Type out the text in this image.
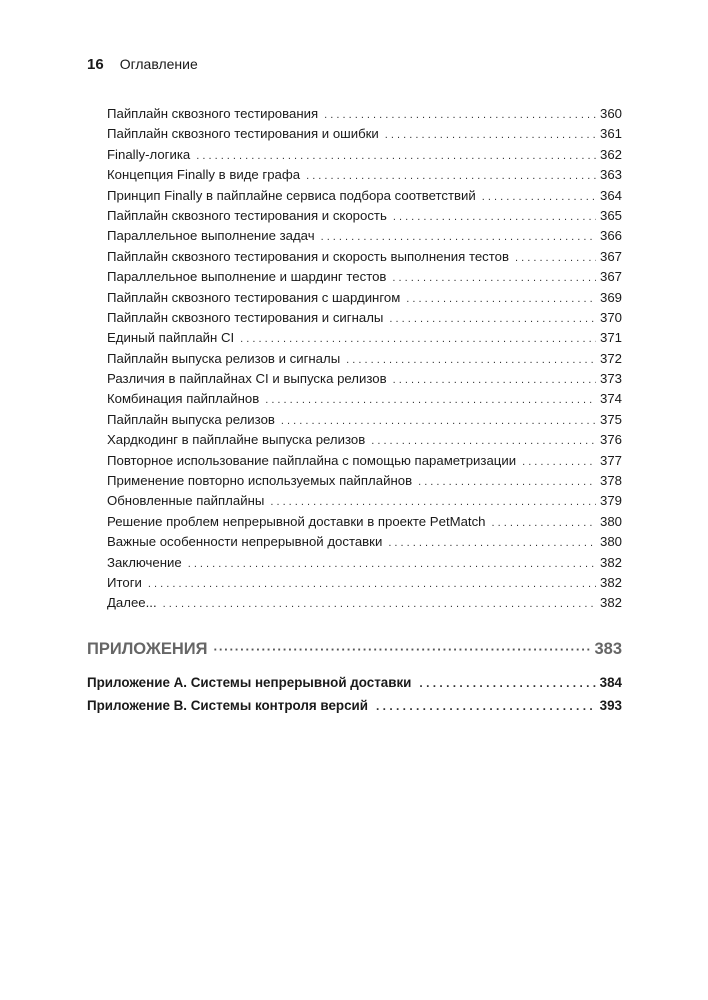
16 Оглавление
Пайплайн сквозного тестирования . . .	360
Пайплайн сквозного тестирования и ошибки . . .	361
Finally-логика . . .	362
Концепция Finally в виде графа . . .	363
Принцип Finally в пайплайне сервиса подбора соответствий . . .	364
Пайплайн сквозного тестирования и скорость . . .	365
Параллельное выполнение задач . . .	366
Пайплайн сквозного тестирования и скорость выполнения тестов . . .	367
Параллельное выполнение и шардинг тестов . . .	367
Пайплайн сквозного тестирования с шардингом . . .	369
Пайплайн сквозного тестирования и сигналы . . .	370
Единый пайплайн CI . . .	371
Пайплайн выпуска релизов и сигналы . . .	372
Различия в пайплайнах CI и выпуска релизов . . .	373
Комбинация пайплайнов . . .	374
Пайплайн выпуска релизов . . .	375
Хардкодинг в пайплайне выпуска релизов . . .	376
Повторное использование пайплайна с помощью параметризации . . .	377
Применение повторно используемых пайплайнов . . .	378
Обновленные пайплайны . . .	379
Решение проблем непрерывной доставки в проекте PetMatch . . .	380
Важные особенности непрерывной доставки . . .	380
Заключение . . .	382
Итоги . . .	382
Далее... . . .	382
ПРИЛОЖЕНИЯ ·····	383
Приложение А. Системы непрерывной доставки . . .	384
Приложение В. Системы контроля версий . . .	393
